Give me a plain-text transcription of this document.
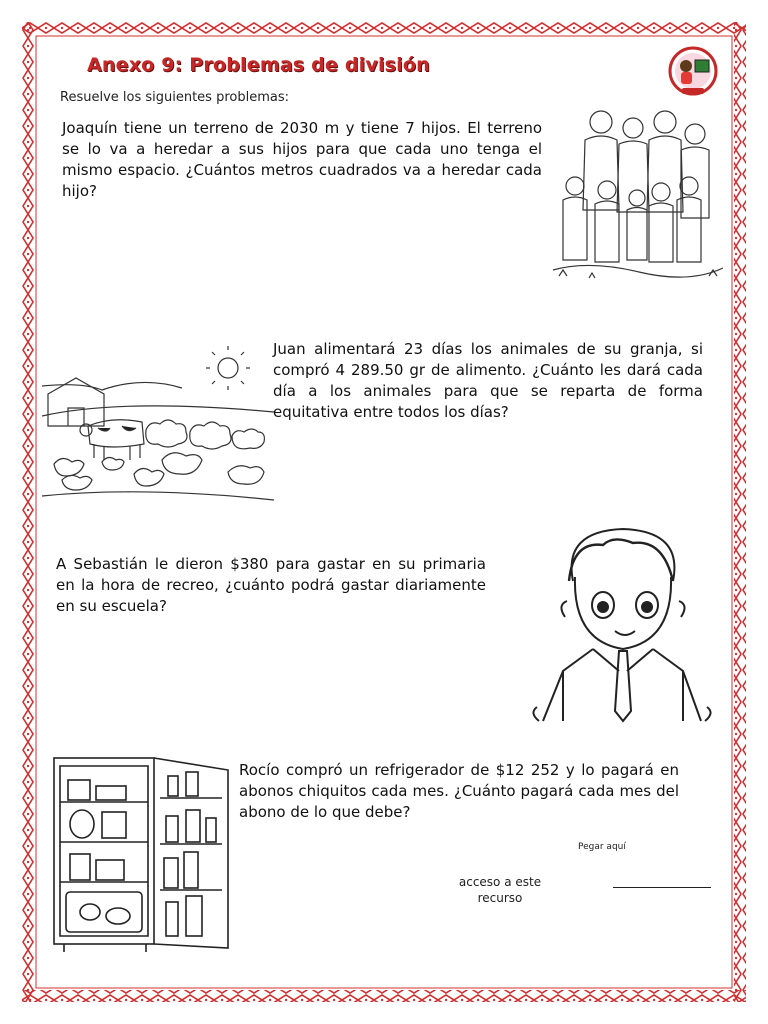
Anexo 9: Problemas de división
Resuelve los siguientes problemas:
Joaquín tiene un terreno de 2030 m y tiene 7 hijos. El terreno se lo va a heredar a sus hijos para que cada uno tenga el mismo espacio. ¿Cuántos metros cuadrados va a heredar cada hijo?
Juan alimentará 23 días los animales de su granja, si compró 4 289.50 gr de alimento. ¿Cuánto les dará cada día a los animales para que se reparta de forma equitativa entre todos los días?
A Sebastián le dieron $380 para gastar en su primaria en la hora de recreo, ¿cuánto podrá gastar diariamente en su escuela?
Rocío compró un refrigerador de $12 252 y lo pagará en abonos chiquitos cada mes. ¿Cuánto pagará cada mes del abono de lo que debe?
Pegar aquí
acceso a este recurso
